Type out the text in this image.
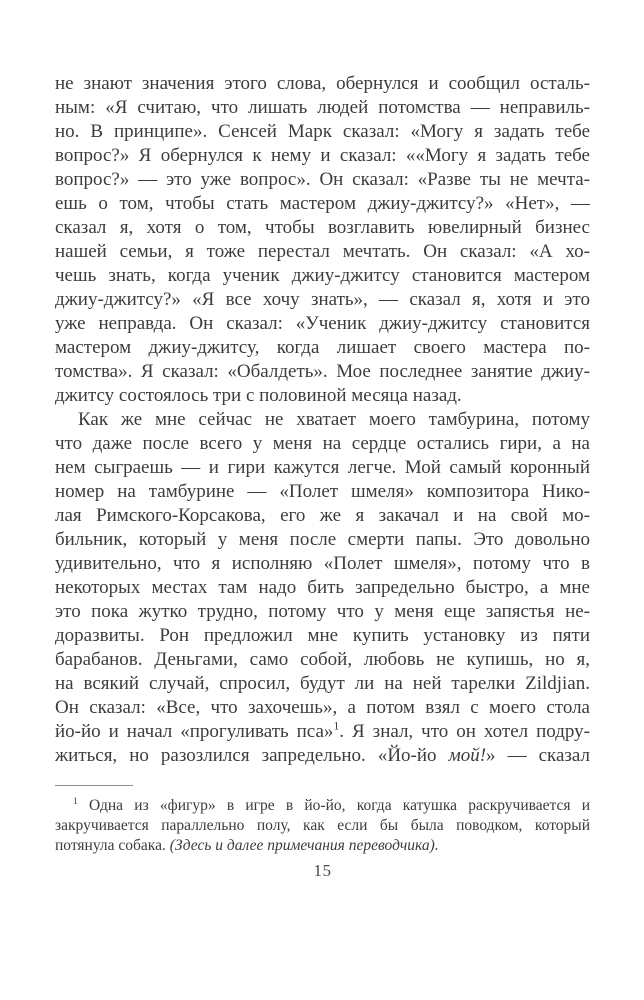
не знают значения этого слова, обернулся и сообщил осталь-
ным: «Я считаю, что лишать людей потомства — неправиль-
но. В принципе». Сенсей Марк сказал: «Могу я задать тебе
вопрос?» Я обернулся к нему и сказал: ««Могу я задать тебе
вопрос?» — это уже вопрос». Он сказал: «Разве ты не мечта-
ешь о том, чтобы стать мастером джиу-джитсу?» «Нет», —
сказал я, хотя о том, чтобы возглавить ювелирный бизнес
нашей семьи, я тоже перестал мечтать. Он сказал: «А хо-
чешь знать, когда ученик джиу-джитсу становится мастером
джиу-джитсу?» «Я все хочу знать», — сказал я, хотя и это
уже неправда. Он сказал: «Ученик джиу-джитсу становится
мастером джиу-джитсу, когда лишает своего мастера по-
томства». Я сказал: «Обалдеть». Мое последнее занятие джиу-
джитсу состоялось три с половиной месяца назад.
Как же мне сейчас не хватает моего тамбурина, потому
что даже после всего у меня на сердце остались гири, а на
нем сыграешь — и гири кажутся легче. Мой самый коронный
номер на тамбурине — «Полет шмеля» композитора Нико-
лая Римского-Корсакова, его же я закачал и на свой мо-
бильник, который у меня после смерти папы. Это довольно
удивительно, что я исполняю «Полет шмеля», потому что в
некоторых местах там надо бить запредельно быстро, а мне
это пока жутко трудно, потому что у меня еще запястья не-
доразвиты. Рон предложил мне купить установку из пяти
барабанов. Деньгами, само собой, любовь не купишь, но я,
на всякий случай, спросил, будут ли на ней тарелки Zildjian.
Он сказал: «Все, что захочешь», а потом взял с моего стола
йо-йо и начал «прогуливать пса»$^1$. Я знал, что он хотел подру-
житься, но разозлился запредельно. «Йо-йо мой!» — сказал
$^1$ Одна из «фигур» в игре в йо-йо, когда катушка раскручивается и
закручивается параллельно полу, как если бы была поводком, который
потянула собака. (Здесь и далее примечания переводчика).
15
